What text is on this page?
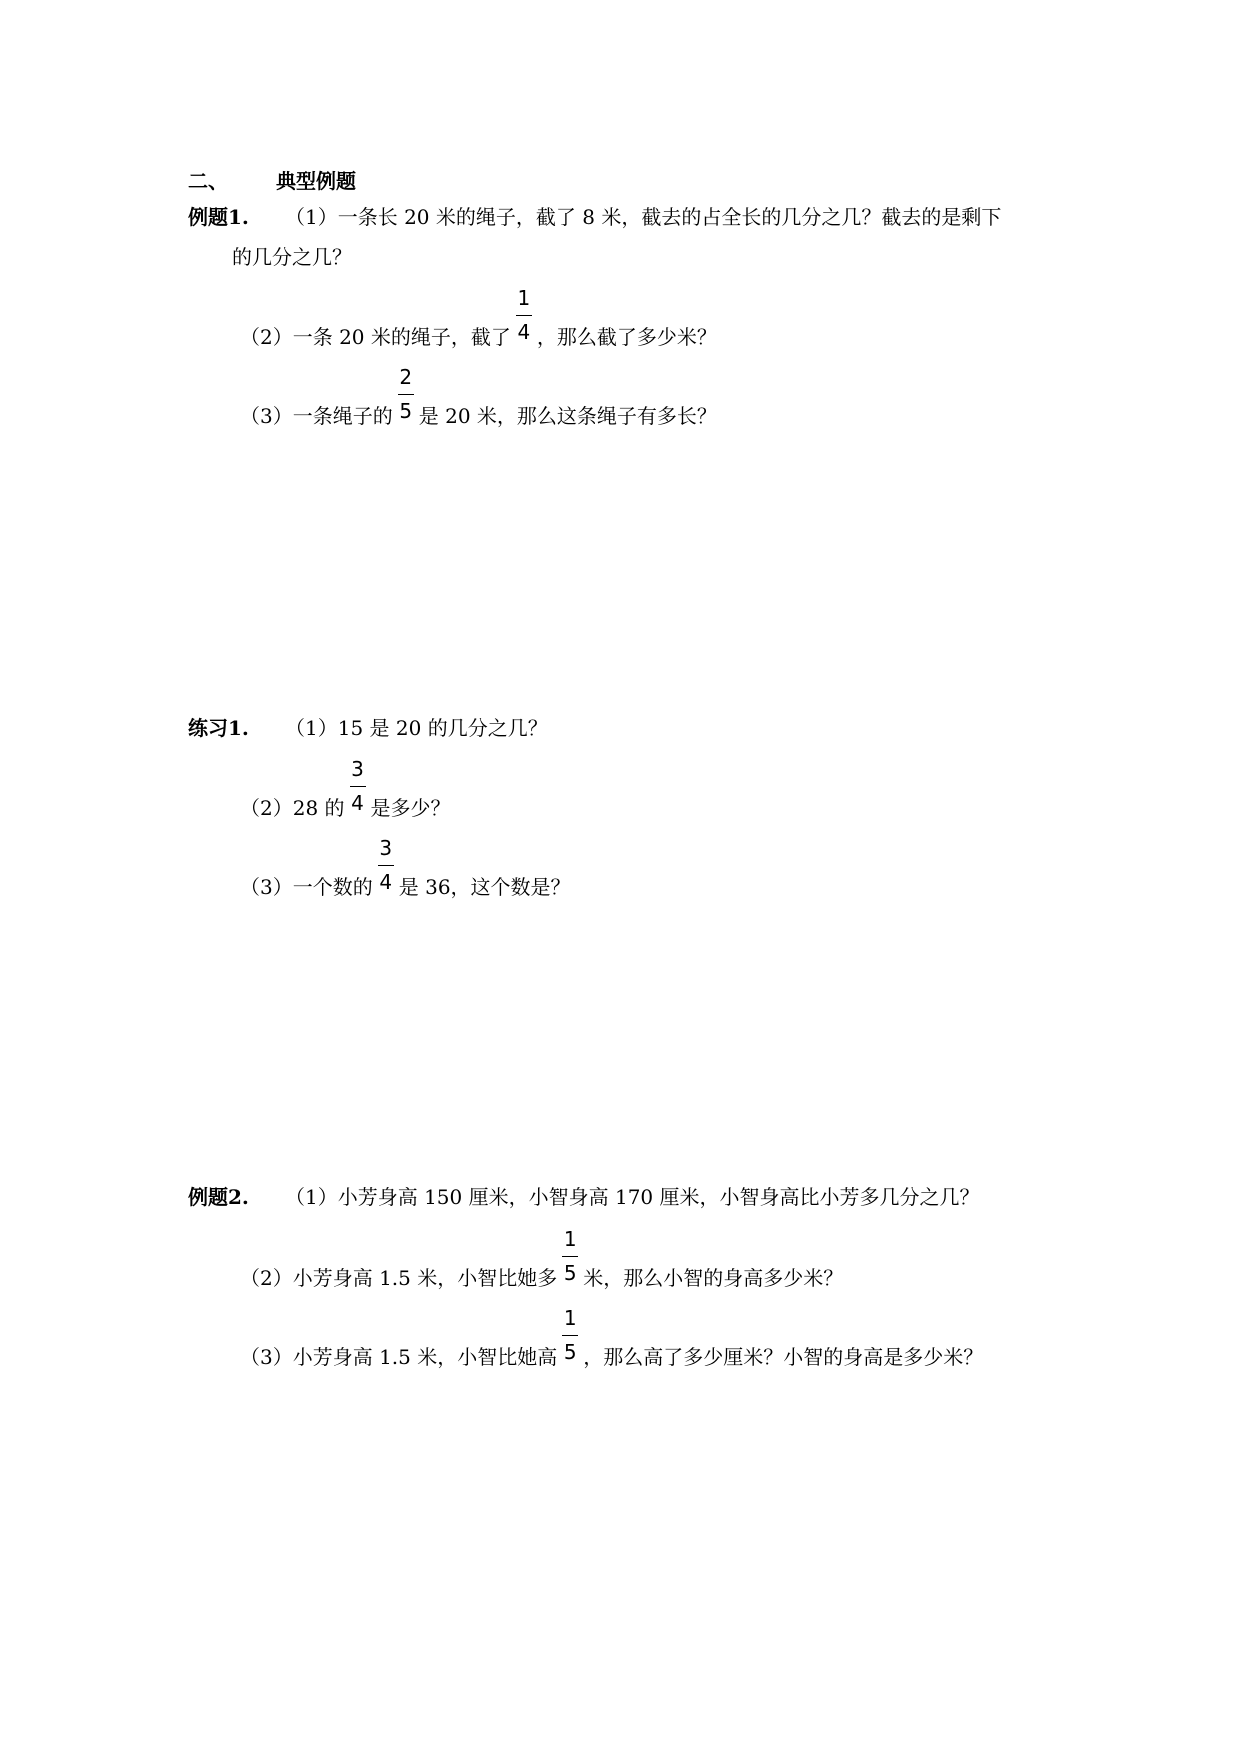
二、 典型例题
例题1. （1）一条长 20 米的绳子，截了 8 米，截去的占全长的几分之几？截去的是剩下
的几分之几？
（2）一条 20 米的绳子，截了 $\frac{1}{4}$ ，那么截了多少米？
（3）一条绳子的 $\frac{2}{5}$ 是 20 米，那么这条绳子有多长？
练习1. （1）15 是 20 的几分之几？
（2）28 的 $\frac{3}{4}$ 是多少？
（3）一个数的 $\frac{3}{4}$ 是 36，这个数是？
例题2. （1）小芳身高 150 厘米，小智身高 170 厘米，小智身高比小芳多几分之几？
（2）小芳身高 1.5 米，小智比她多 $\frac{1}{5}$ 米，那么小智的身高多少米？
（3）小芳身高 1.5 米，小智比她高 $\frac{1}{5}$ ，那么高了多少厘米？小智的身高是多少米？
